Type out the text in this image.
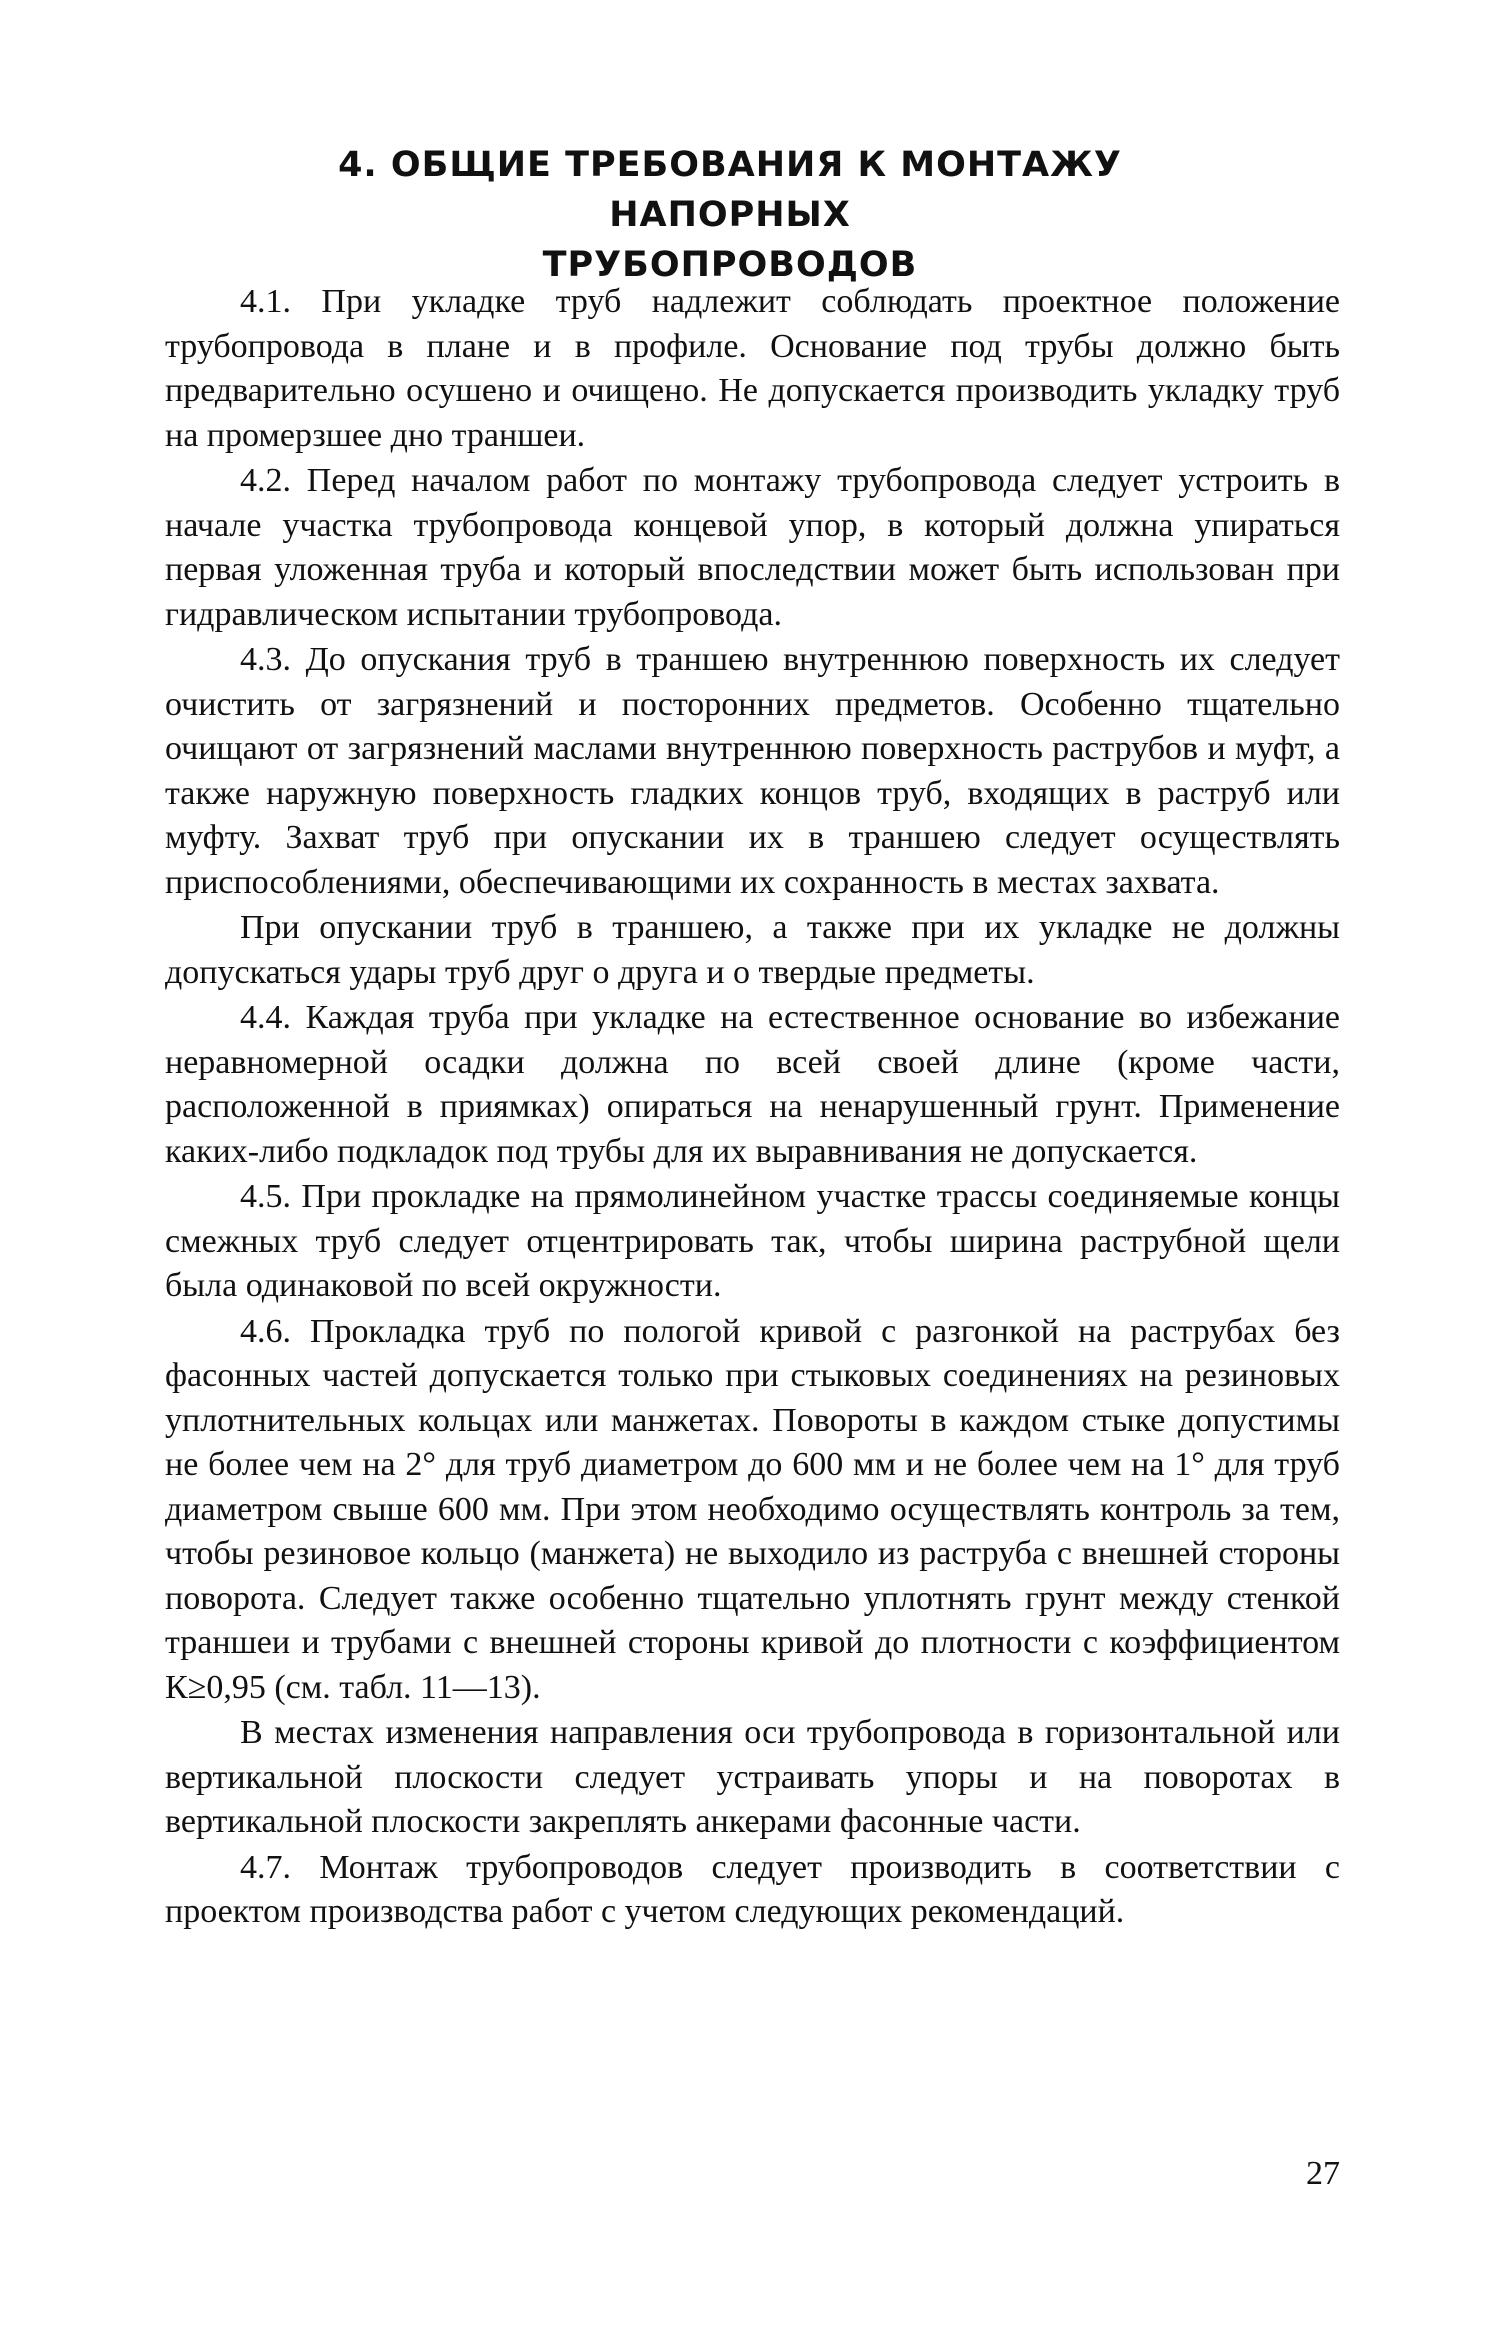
4. ОБЩИЕ ТРЕБОВАНИЯ К МОНТАЖУ НАПОРНЫХ
ТРУБОПРОВОДОВ

4.1. При укладке труб надлежит соблюдать проектное положение трубопровода в плане и в профиле. Основание под трубы должно быть предварительно осушено и очищено. Не допускается производить укладку труб на промерзшее дно траншеи.

4.2. Перед началом работ по монтажу трубопровода следует устроить в начале участка трубопровода концевой упор, в который должна упираться первая уложенная труба и который впоследствии может быть использован при гидравлическом испытании трубопровода.

4.3. До опускания труб в траншею внутреннюю поверхность их следует очистить от загрязнений и посторонних предметов. Особенно тщательно очищают от загрязнений маслами внутреннюю поверхность раструбов и муфт, а также наружную поверхность гладких концов труб, входящих в раструб или муфту. Захват труб при опускании их в траншею следует осуществлять приспособлениями, обеспечивающими их сохранность в местах захвата.

При опускании труб в траншею, а также при их укладке не должны допускаться удары труб друг о друга и о твердые предметы.

4.4. Каждая труба при укладке на естественное основание во избежание неравномерной осадки должна по всей своей длине (кроме части, расположенной в приямках) опираться на ненарушенный грунт. Применение каких-либо подкладок под трубы для их выравнивания не допускается.

4.5. При прокладке на прямолинейном участке трассы соединяемые концы смежных труб следует отцентрировать так, чтобы ширина раструбной щели была одинаковой по всей окружности.

4.6. Прокладка труб по пологой кривой с разгонкой на раструбах без фасонных частей допускается только при стыковых соединениях на резиновых уплотнительных кольцах или манжетах. Повороты в каждом стыке допустимы не более чем на 2° для труб диаметром до 600 мм и не более чем на 1° для труб диаметром свыше 600 мм. При этом необходимо осуществлять контроль за тем, чтобы резиновое кольцо (манжета) не выходило из раструба с внешней стороны поворота. Следует также особенно тщательно уплотнять грунт между стенкой траншеи и трубами с внешней стороны кривой до плотности с коэффициентом К≥0,95 (см. табл. 11—13).

В местах изменения направления оси трубопровода в горизонтальной или вертикальной плоскости следует устраивать упоры и на поворотах в вертикальной плоскости закреплять анкерами фасонные части.

4.7. Монтаж трубопроводов следует производить в соответствии с проектом производства работ с учетом следующих рекомендаций.

27
